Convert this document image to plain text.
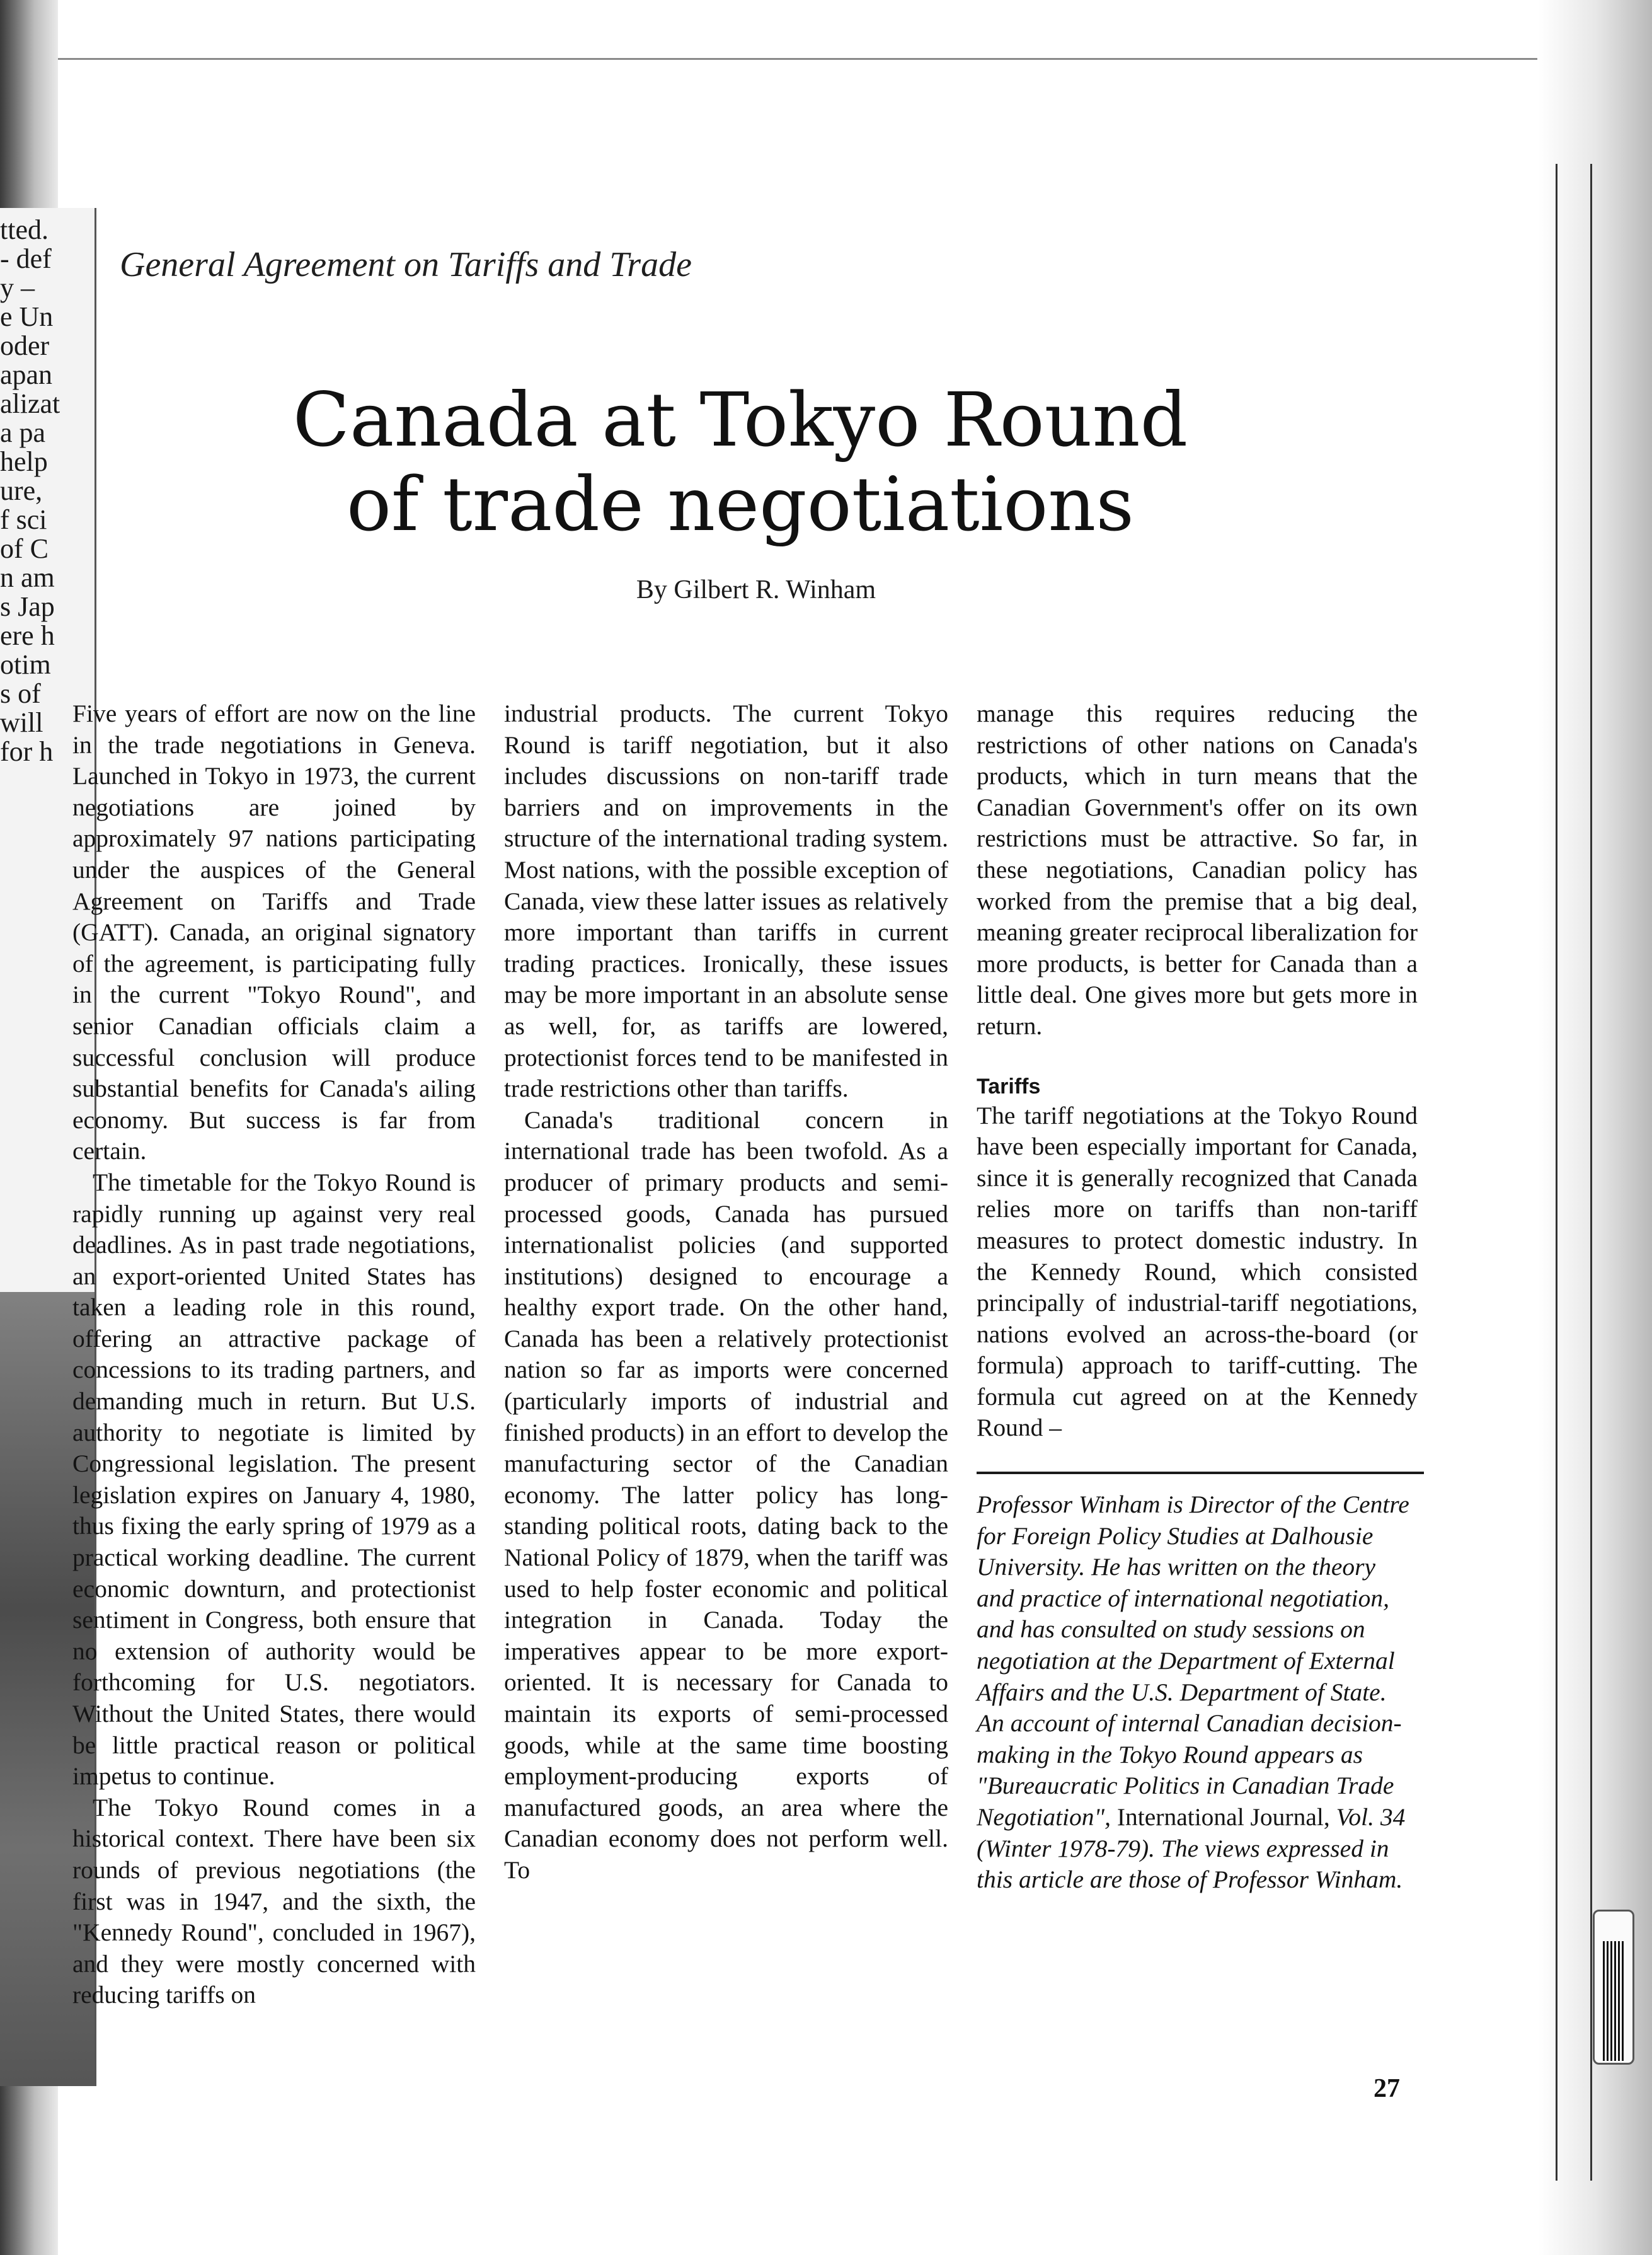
tted.
- def
y –
e Un
oder
apan
alizat
a pa
help
ure,
f sci
of C
n am
s Jap
ere h
otim
s of
will
for h
General Agreement on Tariffs and Trade
Canada at Tokyo Round
of trade negotiations
By Gilbert R. Winham

Five years of effort are now on the line in the trade negotiations in Geneva. Launched in Tokyo in 1973, the current negotiations are joined by approximately 97 nations participating under the auspices of the General Agreement on Tariffs and Trade (GATT). Canada, an original signatory of the agreement, is participating fully in the current "Tokyo Round", and senior Canadian officials claim a successful conclusion will produce substantial benefits for Canada's ailing economy. But success is far from certain.

The timetable for the Tokyo Round is rapidly running up against very real deadlines. As in past trade negotiations, an export-oriented United States has taken a leading role in this round, offering an attractive package of concessions to its trading partners, and demanding much in return. But U.S. authority to negotiate is limited by Congressional legislation. The present legislation expires on January 4, 1980, thus fixing the early spring of 1979 as a practical working deadline. The current economic downturn, and protectionist sentiment in Congress, both ensure that no extension of authority would be forthcoming for U.S. negotiators. Without the United States, there would be little practical reason or political impetus to continue.

The Tokyo Round comes in a historical context. There have been six rounds of previous negotiations (the first was in 1947, and the sixth, the "Kennedy Round", concluded in 1967), and they were mostly concerned with reducing tariffs on

industrial products. The current Tokyo Round is tariff negotiation, but it also includes discussions on non-tariff trade barriers and on improvements in the structure of the international trading system. Most nations, with the possible exception of Canada, view these latter issues as relatively more important than tariffs in current trading practices. Ironically, these issues may be more important in an absolute sense as well, for, as tariffs are lowered, protectionist forces tend to be manifested in trade restrictions other than tariffs.

Canada's traditional concern in international trade has been twofold. As a producer of primary products and semi-processed goods, Canada has pursued internationalist policies (and supported institutions) designed to encourage a healthy export trade. On the other hand, Canada has been a relatively protectionist nation so far as imports were concerned (particularly imports of industrial and finished products) in an effort to develop the manufacturing sector of the Canadian economy. The latter policy has long-standing political roots, dating back to the National Policy of 1879, when the tariff was used to help foster economic and political integration in Canada. Today the imperatives appear to be more export-oriented. It is necessary for Canada to maintain its exports of semi-processed goods, while at the same time boosting employment-producing exports of manufactured goods, an area where the Canadian economy does not perform well. To

manage this requires reducing the restrictions of other nations on Canada's products, which in turn means that the Canadian Government's offer on its own restrictions must be attractive. So far, in these negotiations, Canadian policy has worked from the premise that a big deal, meaning greater reciprocal liberalization for more products, is better for Canada than a little deal. One gives more but gets more in return.

Tariffs

The tariff negotiations at the Tokyo Round have been especially important for Canada, since it is generally recognized that Canada relies more on tariffs than non-tariff measures to protect domestic industry. In the Kennedy Round, which consisted principally of industrial-tariff negotiations, nations evolved an across-the-board (or formula) approach to tariff-cutting. The formula cut agreed on at the Kennedy Round –

Professor Winham is Director of the Centre for Foreign Policy Studies at Dalhousie University. He has written on the theory and practice of international negotiation, and has consulted on study sessions on negotiation at the Department of External Affairs and the U.S. Department of State. An account of internal Canadian decision-making in the Tokyo Round appears as "Bureaucratic Politics in Canadian Trade Negotiation", International Journal, Vol. 34 (Winter 1978-79). The views expressed in this article are those of Professor Winham.

27
